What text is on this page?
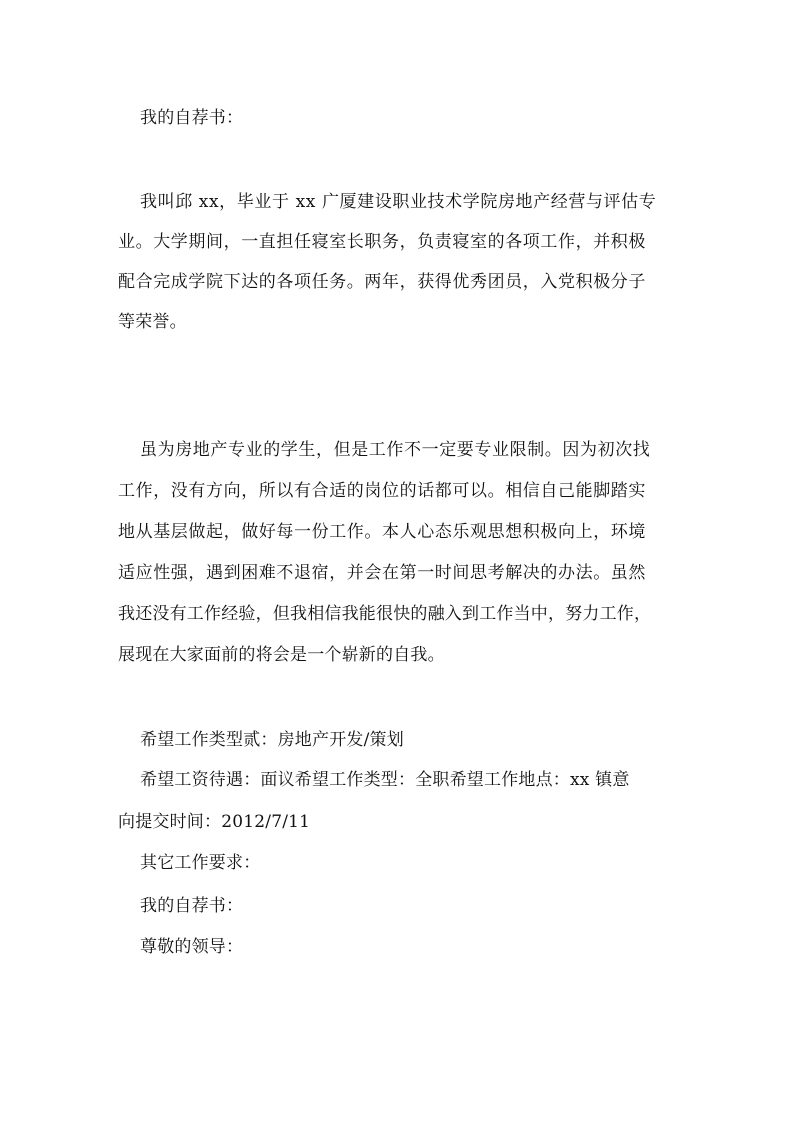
我的自荐书：
我叫邱 xx，毕业于 xx 广厦建设职业技术学院房地产经营与评估专
业。大学期间，一直担任寝室长职务，负责寝室的各项工作，并积极
配合完成学院下达的各项任务。两年，获得优秀团员，入党积极分子
等荣誉。
虽为房地产专业的学生，但是工作不一定要专业限制。因为初次找
工作，没有方向，所以有合适的岗位的话都可以。相信自己能脚踏实
地从基层做起，做好每一份工作。本人心态乐观思想积极向上，环境
适应性强，遇到困难不退宿，并会在第一时间思考解决的办法。虽然
我还没有工作经验，但我相信我能很快的融入到工作当中，努力工作，
展现在大家面前的将会是一个崭新的自我。
希望工作类型贰：房地产开发/策划
希望工资待遇：面议希望工作类型：全职希望工作地点：xx 镇意
向提交时间：2012/7/11
其它工作要求：
我的自荐书：
尊敬的领导：
